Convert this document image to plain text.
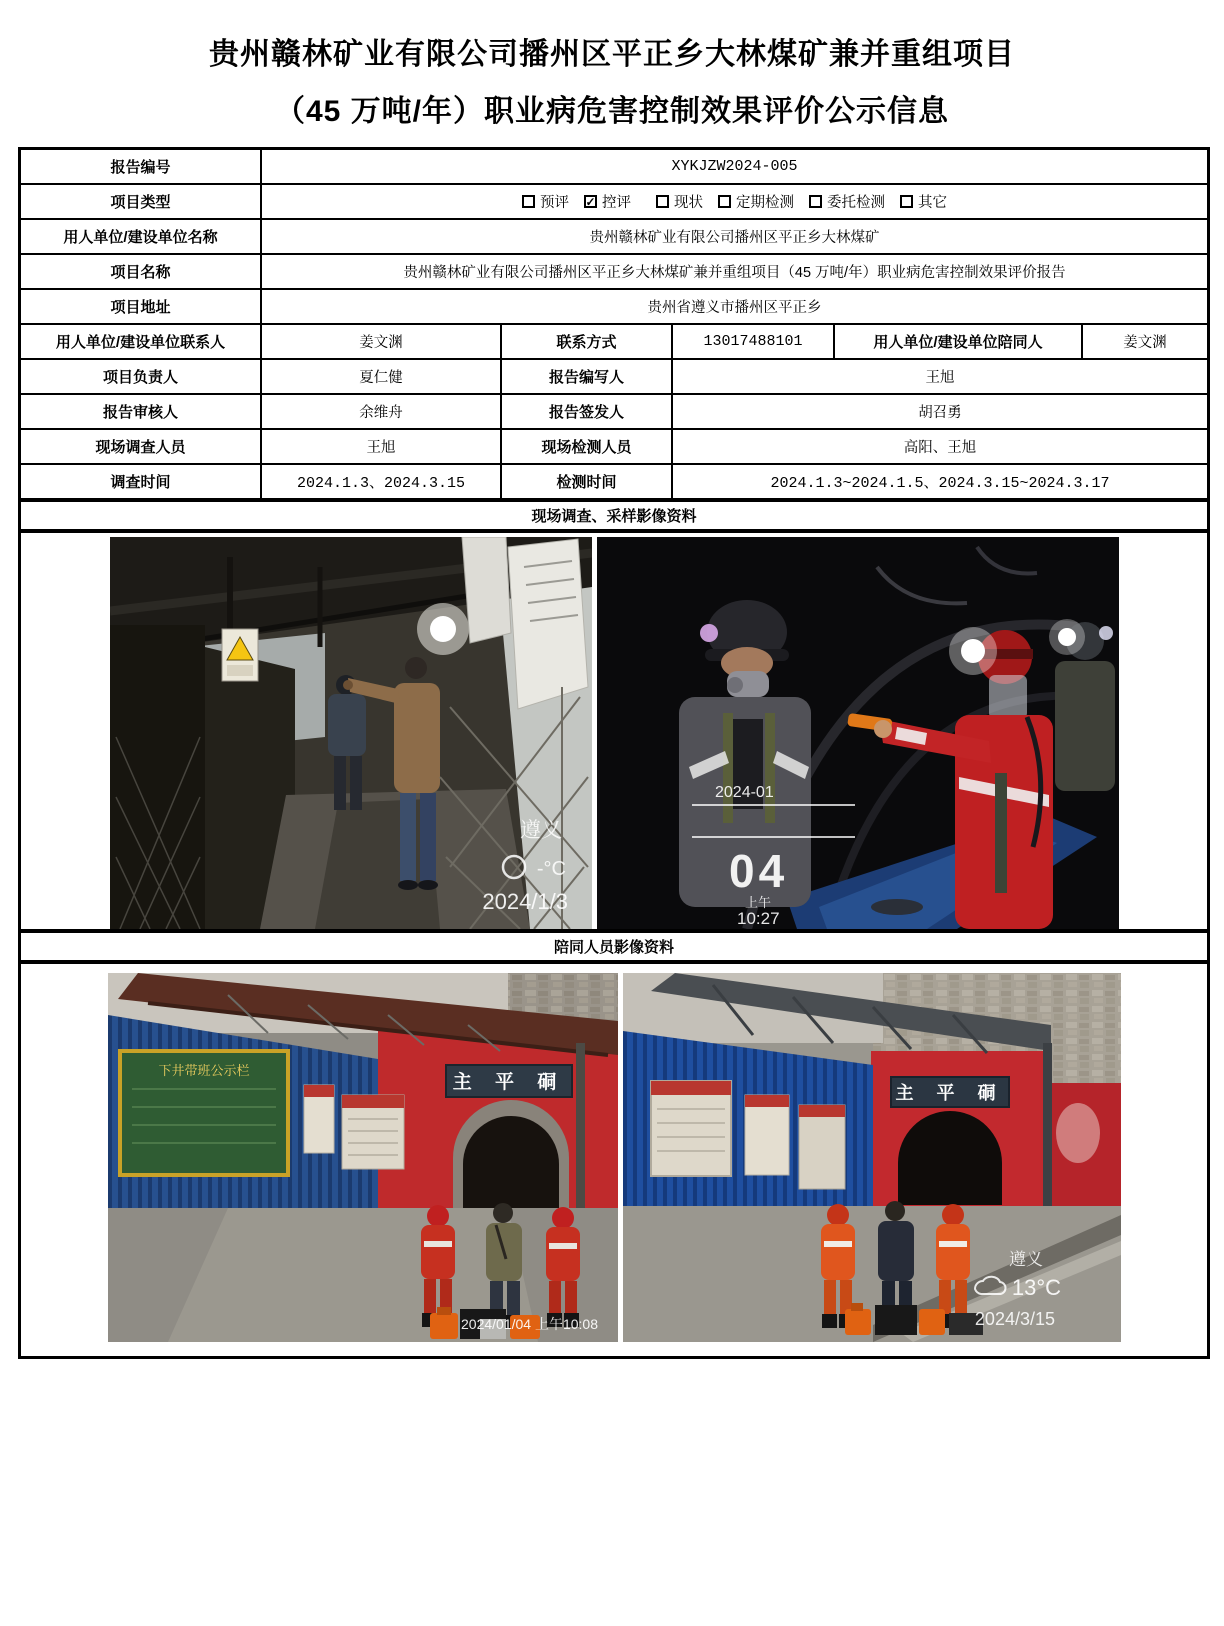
贵州赣林矿业有限公司播州区平正乡大林煤矿兼并重组项目
（45 万吨/年）职业病危害控制效果评价公示信息
报告编号	XYKJZW2024-005
项目类型	预评 ✓ 控评	现状 定期检测 委托检测 其它
用人单位/建设单位名称	贵州赣林矿业有限公司播州区平正乡大林煤矿
项目名称	贵州赣林矿业有限公司播州区平正乡大林煤矿兼并重组项目（45 万吨/年）职业病危害控制效果评价报告
项目地址	贵州省遵义市播州区平正乡
用人单位/建设单位联系人	姜文渊	联系方式	13017488101	用人单位/建设单位陪同人	姜文渊
项目负责人	夏仁健	报告编写人	王旭
报告审核人	余维舟	报告签发人	胡召勇
现场调查人员	王旭	现场检测人员	高阳、王旭
调查时间	2024.1.3、2024.3.15	检测时间	2024.1.3~2024.1.5、2024.3.15~2024.3.17
现场调查、采样影像资料
遵义
-°C
2024/1/3
2024-01
04
上午
10:27
陪同人员影像资料
主 平 硐
下井带班公示栏
2024/01/04 上午10:08
主 平 硐
遵义
13°C
2024/3/15
